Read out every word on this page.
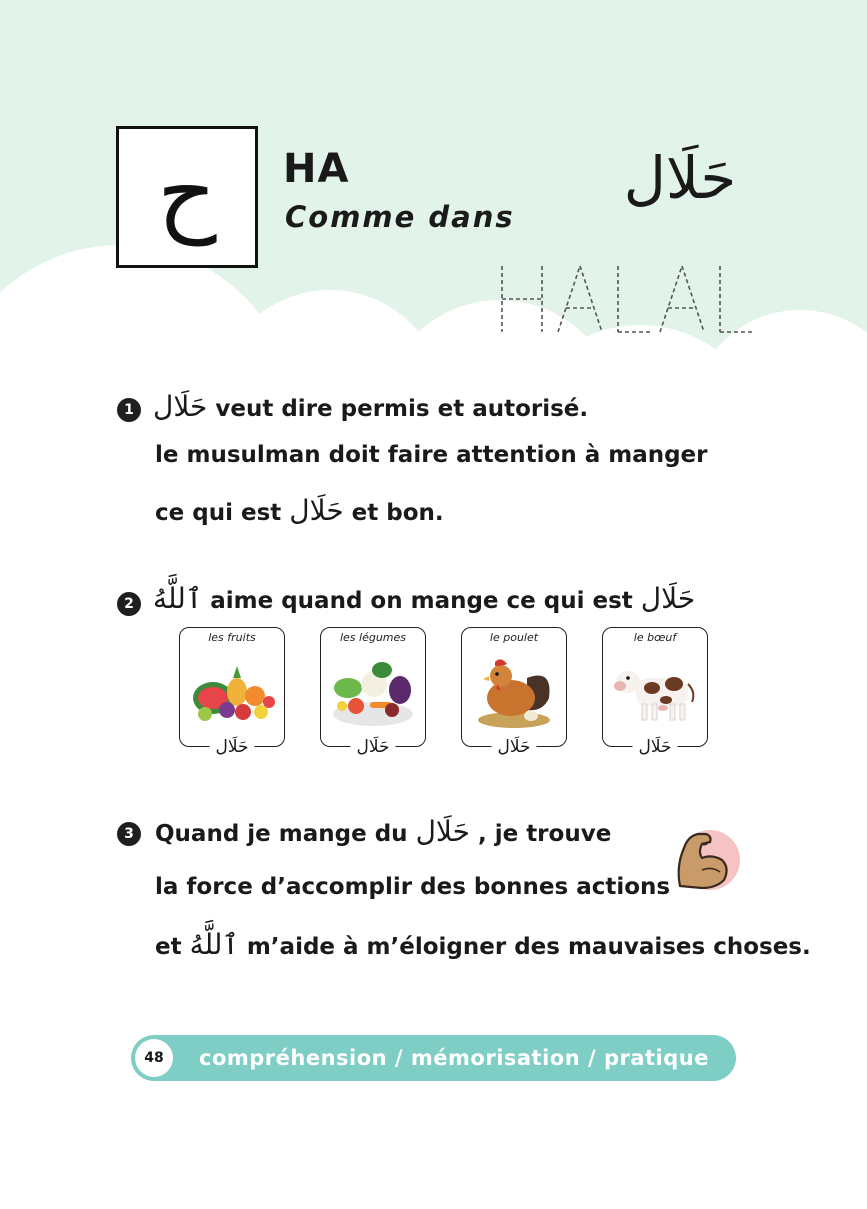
ح HA
Comme dans
حَلَال
HALAL
1 حَلَال veut dire permis et autorisé.
le musulman doit faire attention à manger
ce qui est حَلَال et bon.
2 ٱللَّهُ aime quand on mange ce qui est حَلَال
les fruits
حَلَال
les légumes
حَلَال
le poulet
حَلَال
le bœuf
حَلَال
3 Quand je mange du حَلَال , je trouve
la force d’accomplir des bonnes actions
et ٱللَّهُ m’aide à m’éloigner des mauvaises choses.
48	compréhension / mémorisation / pratique
